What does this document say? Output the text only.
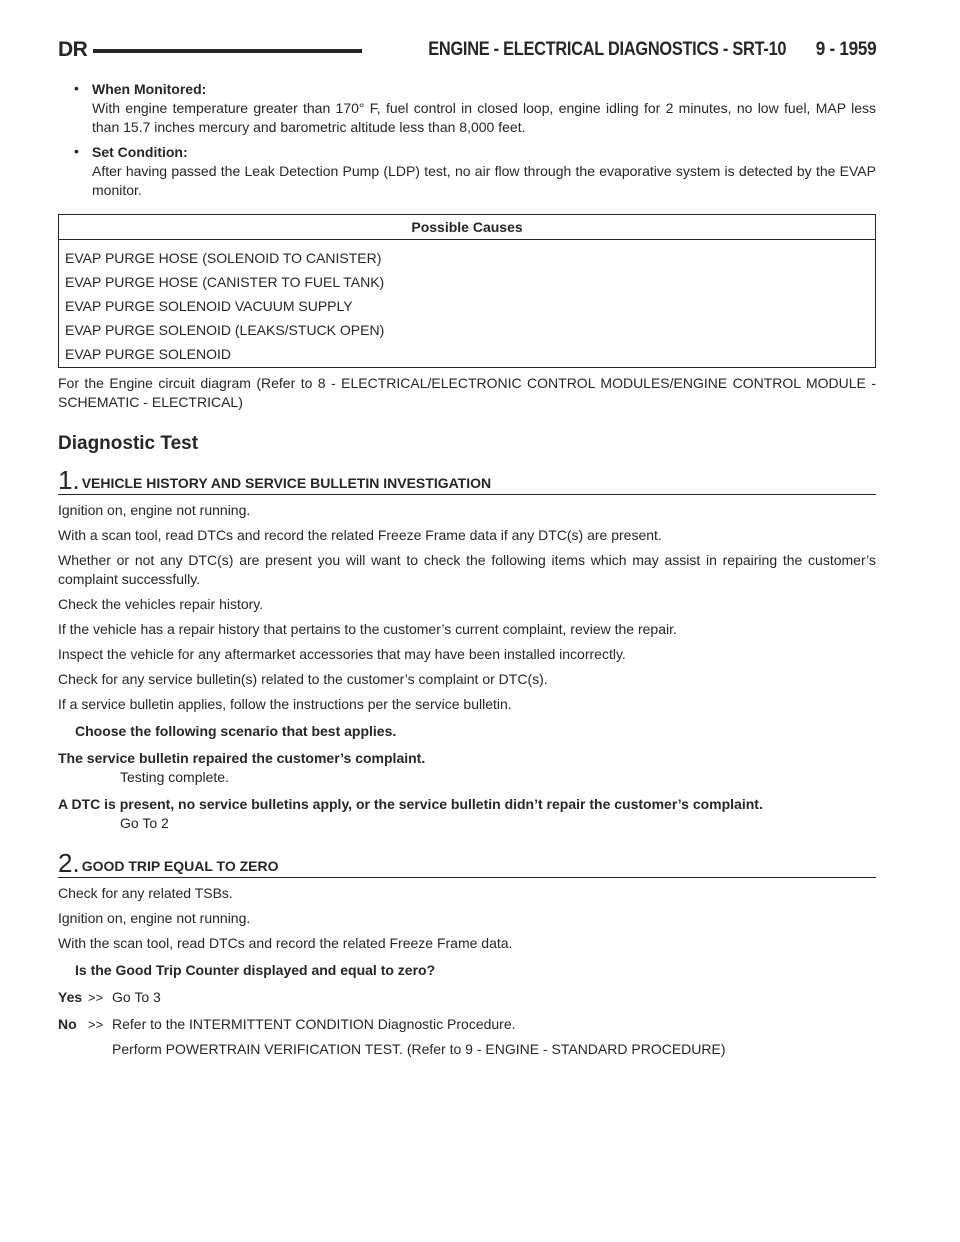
DR	ENGINE - ELECTRICAL DIAGNOSTICS - SRT-10 9 - 1959
• When Monitored:

With engine temperature greater than 170° F, fuel control in closed loop, engine idling for 2 minutes, no low fuel, MAP less than 15.7 inches mercury and barometric altitude less than 8,000 feet.

• Set Condition:

After having passed the Leak Detection Pump (LDP) test, no air flow through the evaporative system is detected by the EVAP monitor.

Possible Causes
EVAP PURGE HOSE (SOLENOID TO CANISTER)
EVAP PURGE HOSE (CANISTER TO FUEL TANK)
EVAP PURGE SOLENOID VACUUM SUPPLY
EVAP PURGE SOLENOID (LEAKS/STUCK OPEN)
EVAP PURGE SOLENOID

For the Engine circuit diagram (Refer to 8 - ELECTRICAL/ELECTRONIC CONTROL MODULES/ENGINE CONTROL MODULE - SCHEMATIC - ELECTRICAL)

Diagnostic Test
1. VEHICLE HISTORY AND SERVICE BULLETIN INVESTIGATION

Ignition on, engine not running.

With a scan tool, read DTCs and record the related Freeze Frame data if any DTC(s) are present.

Whether or not any DTC(s) are present you will want to check the following items which may assist in repairing the customer’s complaint successfully.

Check the vehicles repair history.

If the vehicle has a repair history that pertains to the customer’s current complaint, review the repair.

Inspect the vehicle for any aftermarket accessories that may have been installed incorrectly.

Check for any service bulletin(s) related to the customer’s complaint or DTC(s).

If a service bulletin applies, follow the instructions per the service bulletin.

Choose the following scenario that best applies.

The service bulletin repaired the customer’s complaint.

Testing complete.

A DTC is present, no service bulletins apply, or the service bulletin didn’t repair the customer’s complaint.

Go To 2

2. GOOD TRIP EQUAL TO ZERO

Check for any related TSBs.

Ignition on, engine not running.

With the scan tool, read DTCs and record the related Freeze Frame data.

Is the Good Trip Counter displayed and equal to zero?

Yes >> Go To 3

No >> Refer to the INTERMITTENT CONDITION Diagnostic Procedure.

Perform POWERTRAIN VERIFICATION TEST. (Refer to 9 - ENGINE - STANDARD PROCEDURE)
